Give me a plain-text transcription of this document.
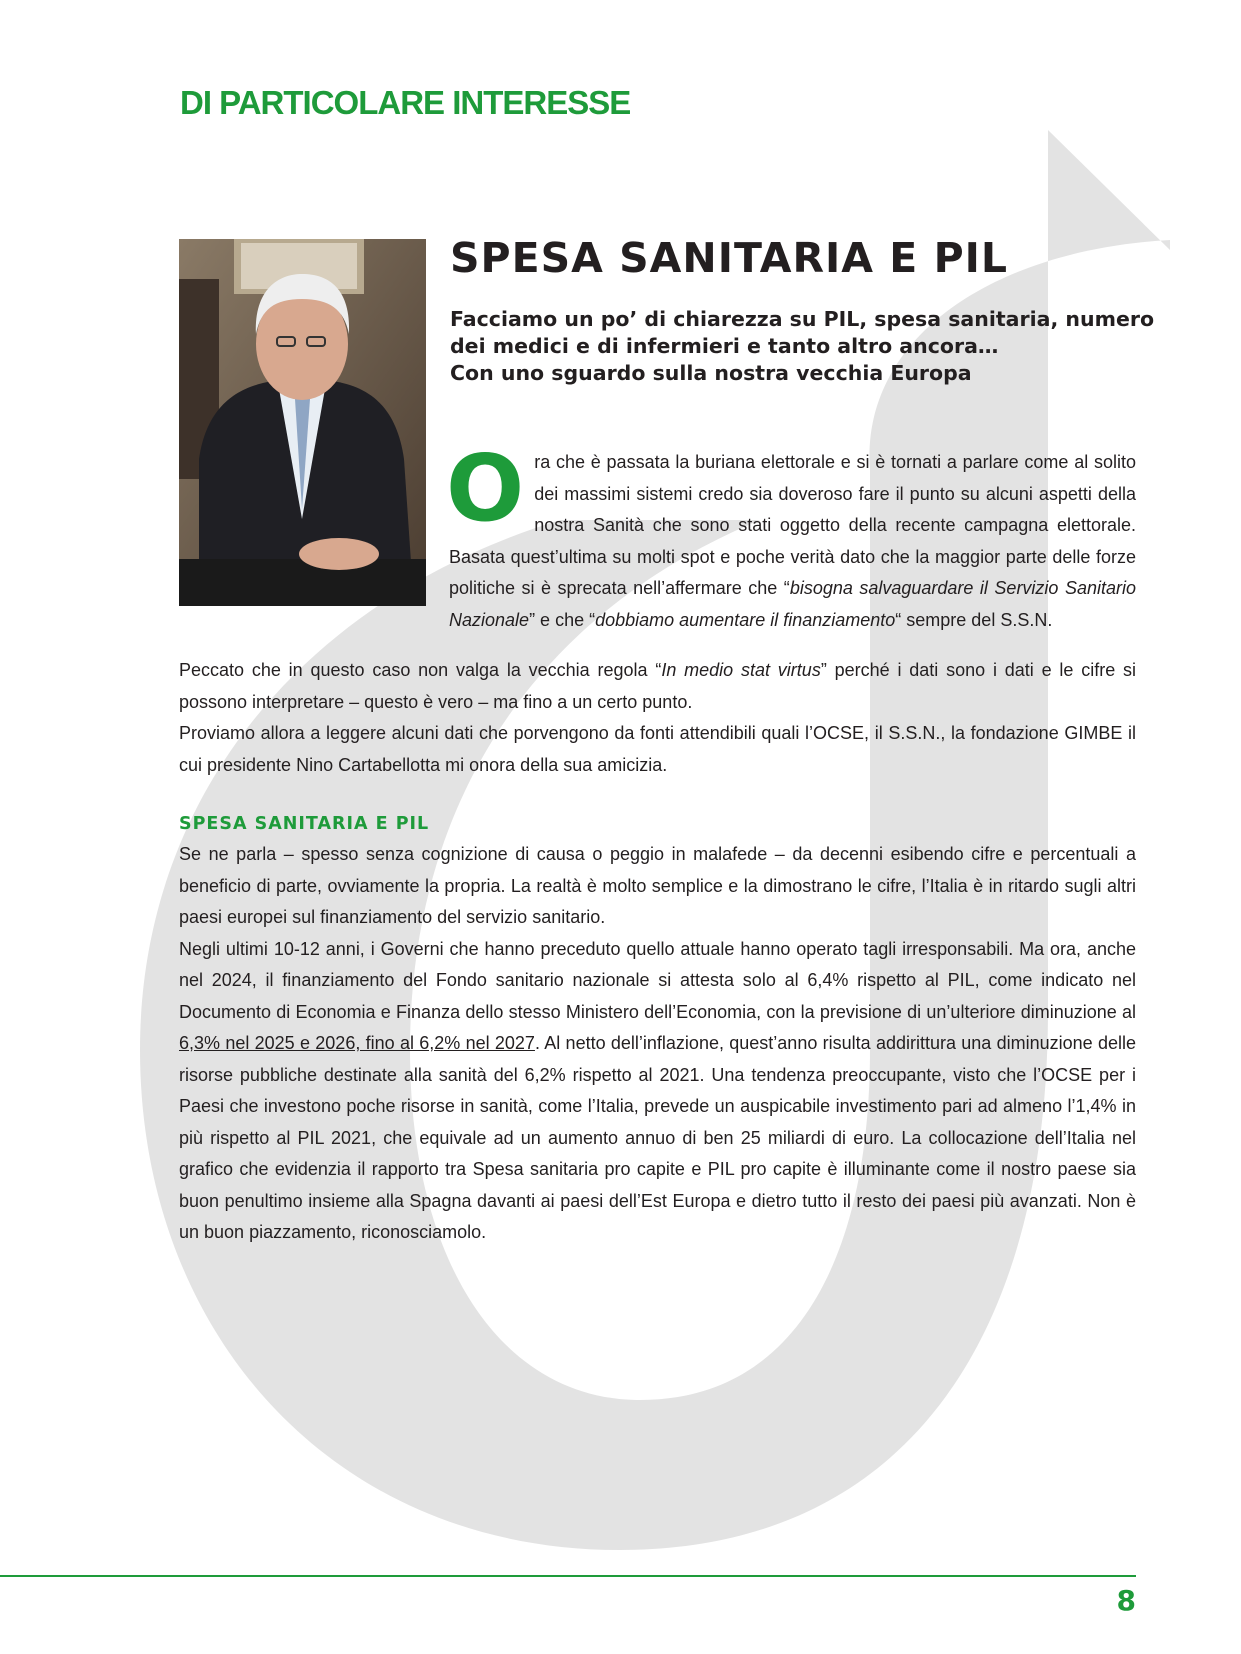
DI PARTICOLARE INTERESSE
SPESA SANITARIA E PIL
Facciamo un po’ di chiarezza su PIL, spesa sanitaria, numero
dei medici e di infermieri e tanto altro ancora…
Con uno sguardo sulla nostra vecchia Europa
Ora che è passata la buriana elettorale e si è tornati a parlare come al solito dei massimi sistemi credo sia doveroso fare il punto su alcuni aspetti della nostra Sanità che sono stati oggetto della recente campagna elettorale. Basata quest’ultima su molti spot e poche verità dato che la maggior parte delle forze politiche si è sprecata nell’affermare che “bisogna salvaguardare il Servizio Sanitario Nazionale” e che “dobbiamo aumentare il finanziamento“ sempre del S.S.N.

Peccato che in questo caso non valga la vecchia regola “In medio stat virtus” perché i dati sono i dati e le cifre si possono interpretare – questo è vero – ma fino a un certo punto.

Proviamo allora a leggere alcuni dati che porvengono da fonti attendibili quali l’OCSE, il S.S.N., la fondazione GIMBE il cui presidente Nino Cartabellotta mi onora della sua amicizia.

SPESA SANITARIA E PIL

Se ne parla – spesso senza cognizione di causa o peggio in malafede – da decenni esibendo cifre e percentuali a beneficio di parte, ovviamente la propria. La realtà è molto semplice e la dimostrano le cifre, l’Italia è in ritardo sugli altri paesi europei sul finanziamento del servizio sanitario.

Negli ultimi 10-12 anni, i Governi che hanno preceduto quello attuale hanno operato tagli irresponsabili. Ma ora, anche nel 2024, il finanziamento del Fondo sanitario nazionale si attesta solo al 6,4% rispetto al PIL, come indicato nel Documento di Economia e Finanza dello stesso Ministero dell’Economia, con la previsione di un’ulteriore diminuzione al 6,3% nel 2025 e 2026, fino al 6,2% nel 2027. Al netto dell’inflazione, quest’anno risulta addirittura una diminuzione delle risorse pubbliche destinate alla sanità del 6,2% rispetto al 2021. Una tendenza preoccupante, visto che l’OCSE per i Paesi che investono poche risorse in sanità, come l’Italia, prevede un auspicabile investimento pari ad almeno l’1,4% in più rispetto al PIL 2021, che equivale ad un aumento annuo di ben 25 miliardi di euro. La collocazione dell’Italia nel grafico che evidenzia il rapporto tra Spesa sanitaria pro capite e PIL pro capite è illuminante come il nostro paese sia buon penultimo insieme alla Spagna davanti ai paesi dell’Est Europa e dietro tutto il resto dei paesi più avanzati. Non è un buon piazzamento, riconosciamolo.

8
